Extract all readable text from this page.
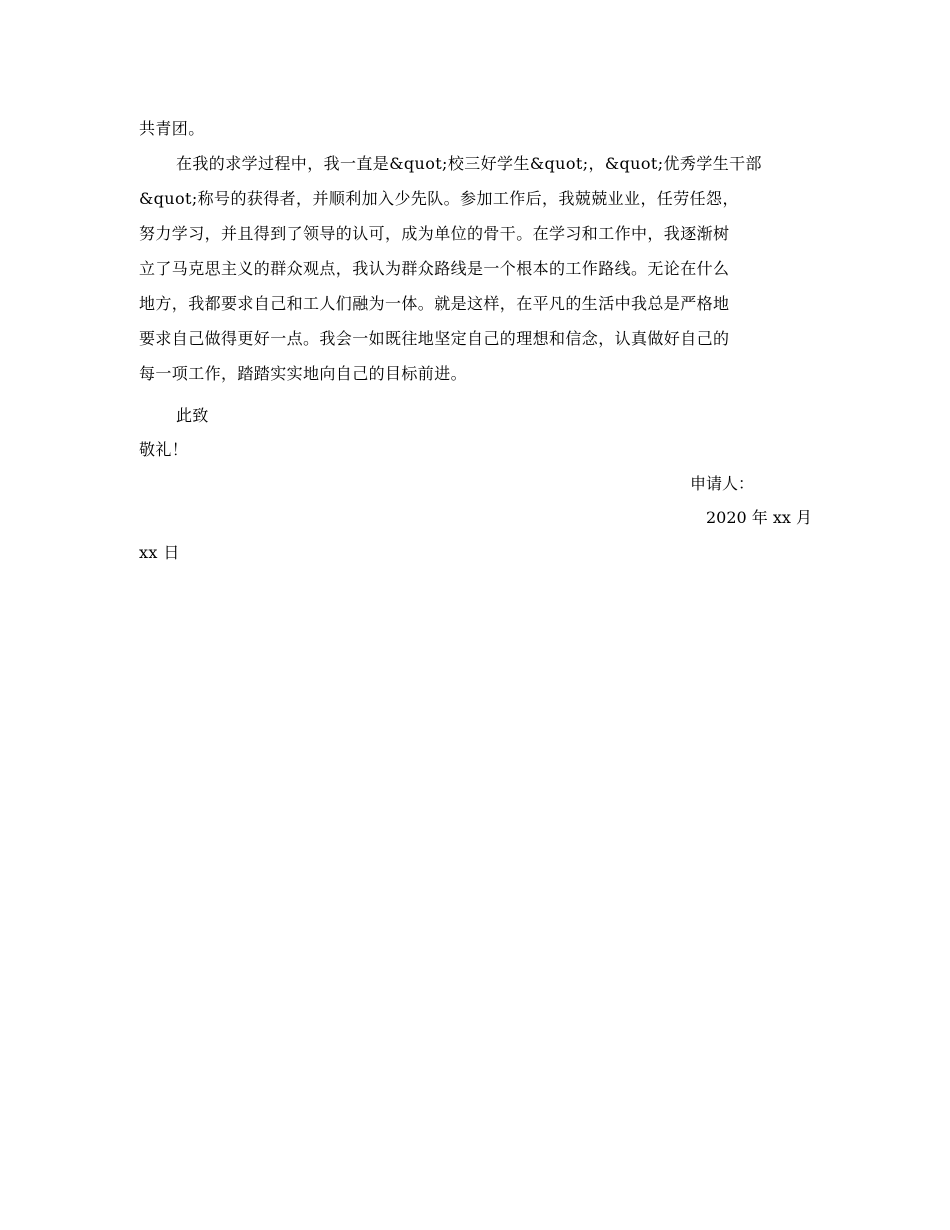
共青团。
在我的求学过程中，我一直是&quot;校三好学生&quot;，&quot;优秀学生干部
&quot;称号的获得者，并顺利加入少先队。参加工作后，我兢兢业业，任劳任怨，
努力学习，并且得到了领导的认可，成为单位的骨干。在学习和工作中，我逐渐树
立了马克思主义的群众观点，我认为群众路线是一个根本的工作路线。无论在什么
地方，我都要求自己和工人们融为一体。就是这样，在平凡的生活中我总是严格地
要求自己做得更好一点。我会一如既往地坚定自己的理想和信念，认真做好自己的
每一项工作，踏踏实实地向自己的目标前进。
此致
敬礼！
申请人：
2020 年 xx 月
xx 日
